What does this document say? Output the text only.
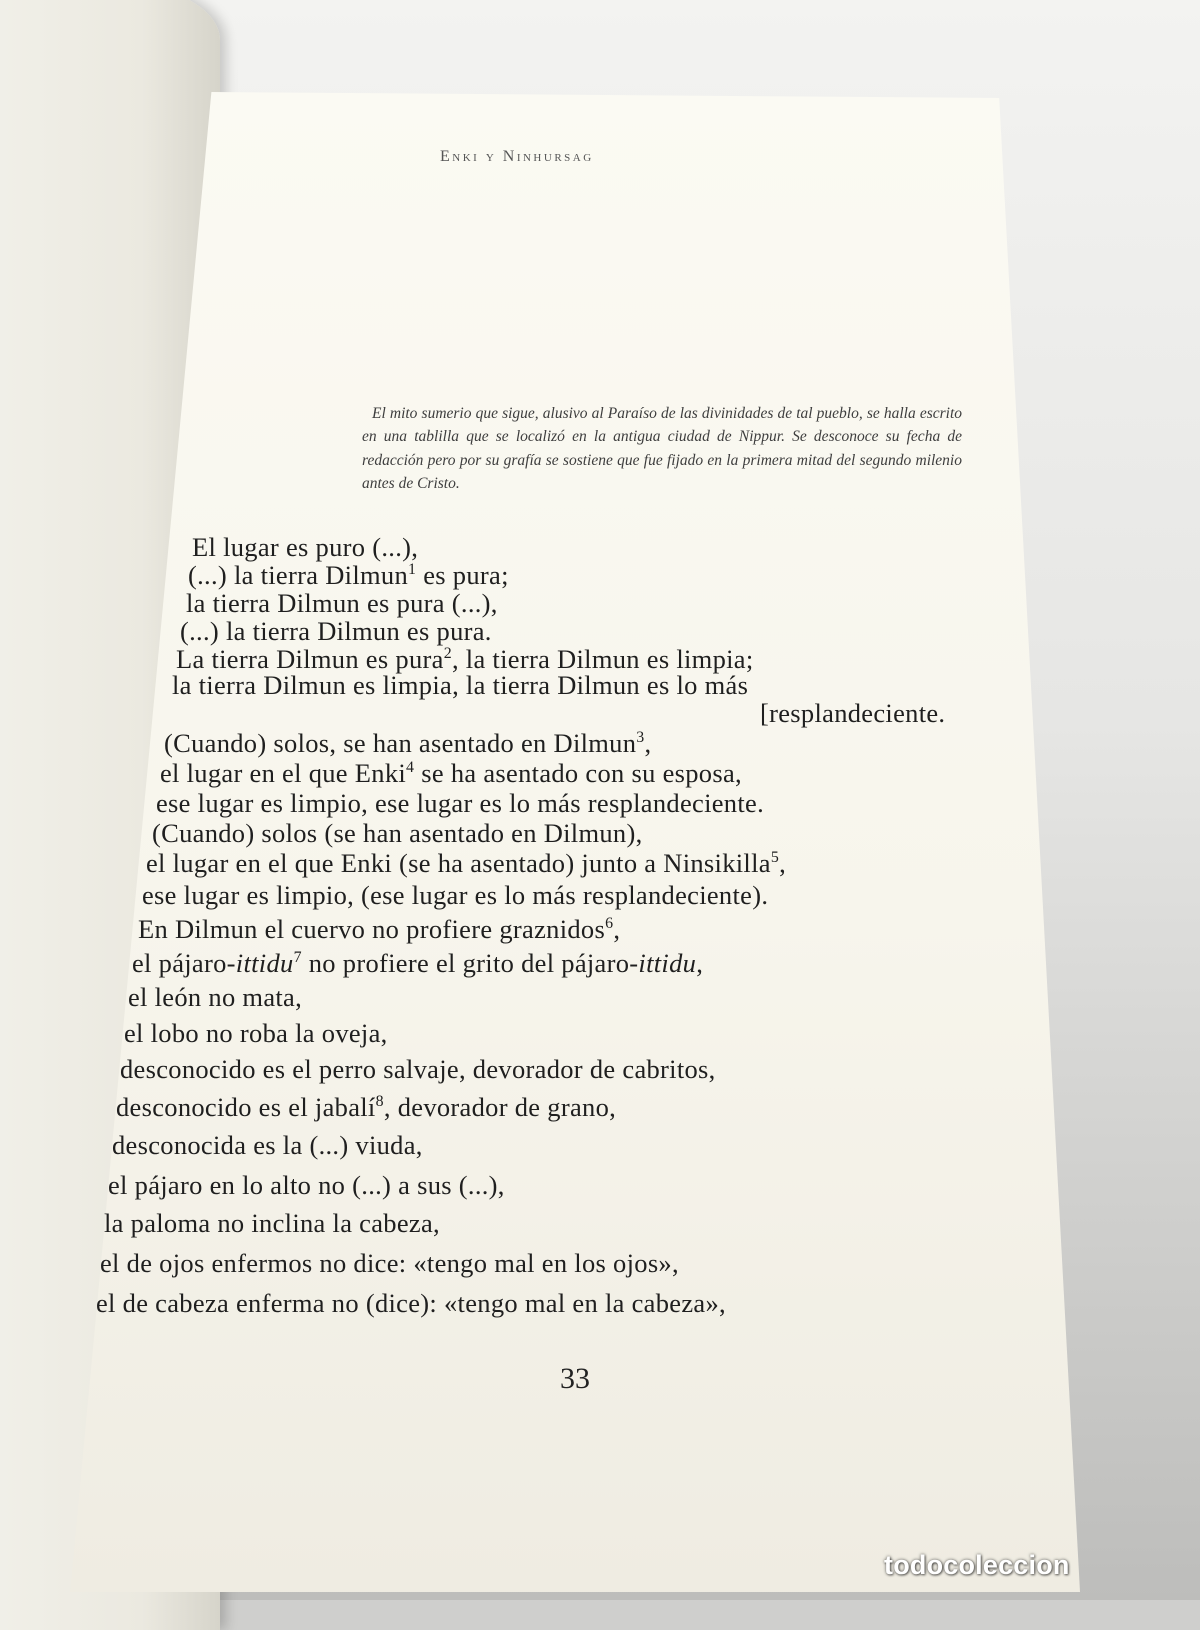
Enki y Ninhursag
El mito sumerio que sigue, alusivo al Paraíso de las divinidades de tal pueblo, se halla escrito en una tablilla que se localizó en la antigua ciudad de Nippur. Se desconoce su fecha de redacción pero por su grafía se sostiene que fue fijado en la primera mitad del segundo milenio antes de Cristo.
El lugar es puro (...),
(...) la tierra Dilmun$^1$ es pura;
la tierra Dilmun es pura (...),
(...) la tierra Dilmun es pura.
La tierra Dilmun es pura$^2$, la tierra Dilmun es limpia;
la tierra Dilmun es limpia, la tierra Dilmun es lo más
[resplandeciente.
(Cuando) solos, se han asentado en Dilmun$^3$,
el lugar en el que Enki$^4$ se ha asentado con su esposa,
ese lugar es limpio, ese lugar es lo más resplandeciente.
(Cuando) solos (se han asentado en Dilmun),
el lugar en el que Enki (se ha asentado) junto a Ninsikilla$^5$,
ese lugar es limpio, (ese lugar es lo más resplandeciente).
En Dilmun el cuervo no profiere graznidos$^6$,
el pájaro-ittidu$^7$ no profiere el grito del pájaro-ittidu,
el león no mata,
el lobo no roba la oveja,
desconocido es el perro salvaje, devorador de cabritos,
desconocido es el jabalí$^8$, devorador de grano,
desconocida es la (...) viuda,
el pájaro en lo alto no (...) a sus (...),
la paloma no inclina la cabeza,
el de ojos enfermos no dice: «tengo mal en los ojos»,
el de cabeza enferma no (dice): «tengo mal en la cabeza»,
33
todocoleccion
